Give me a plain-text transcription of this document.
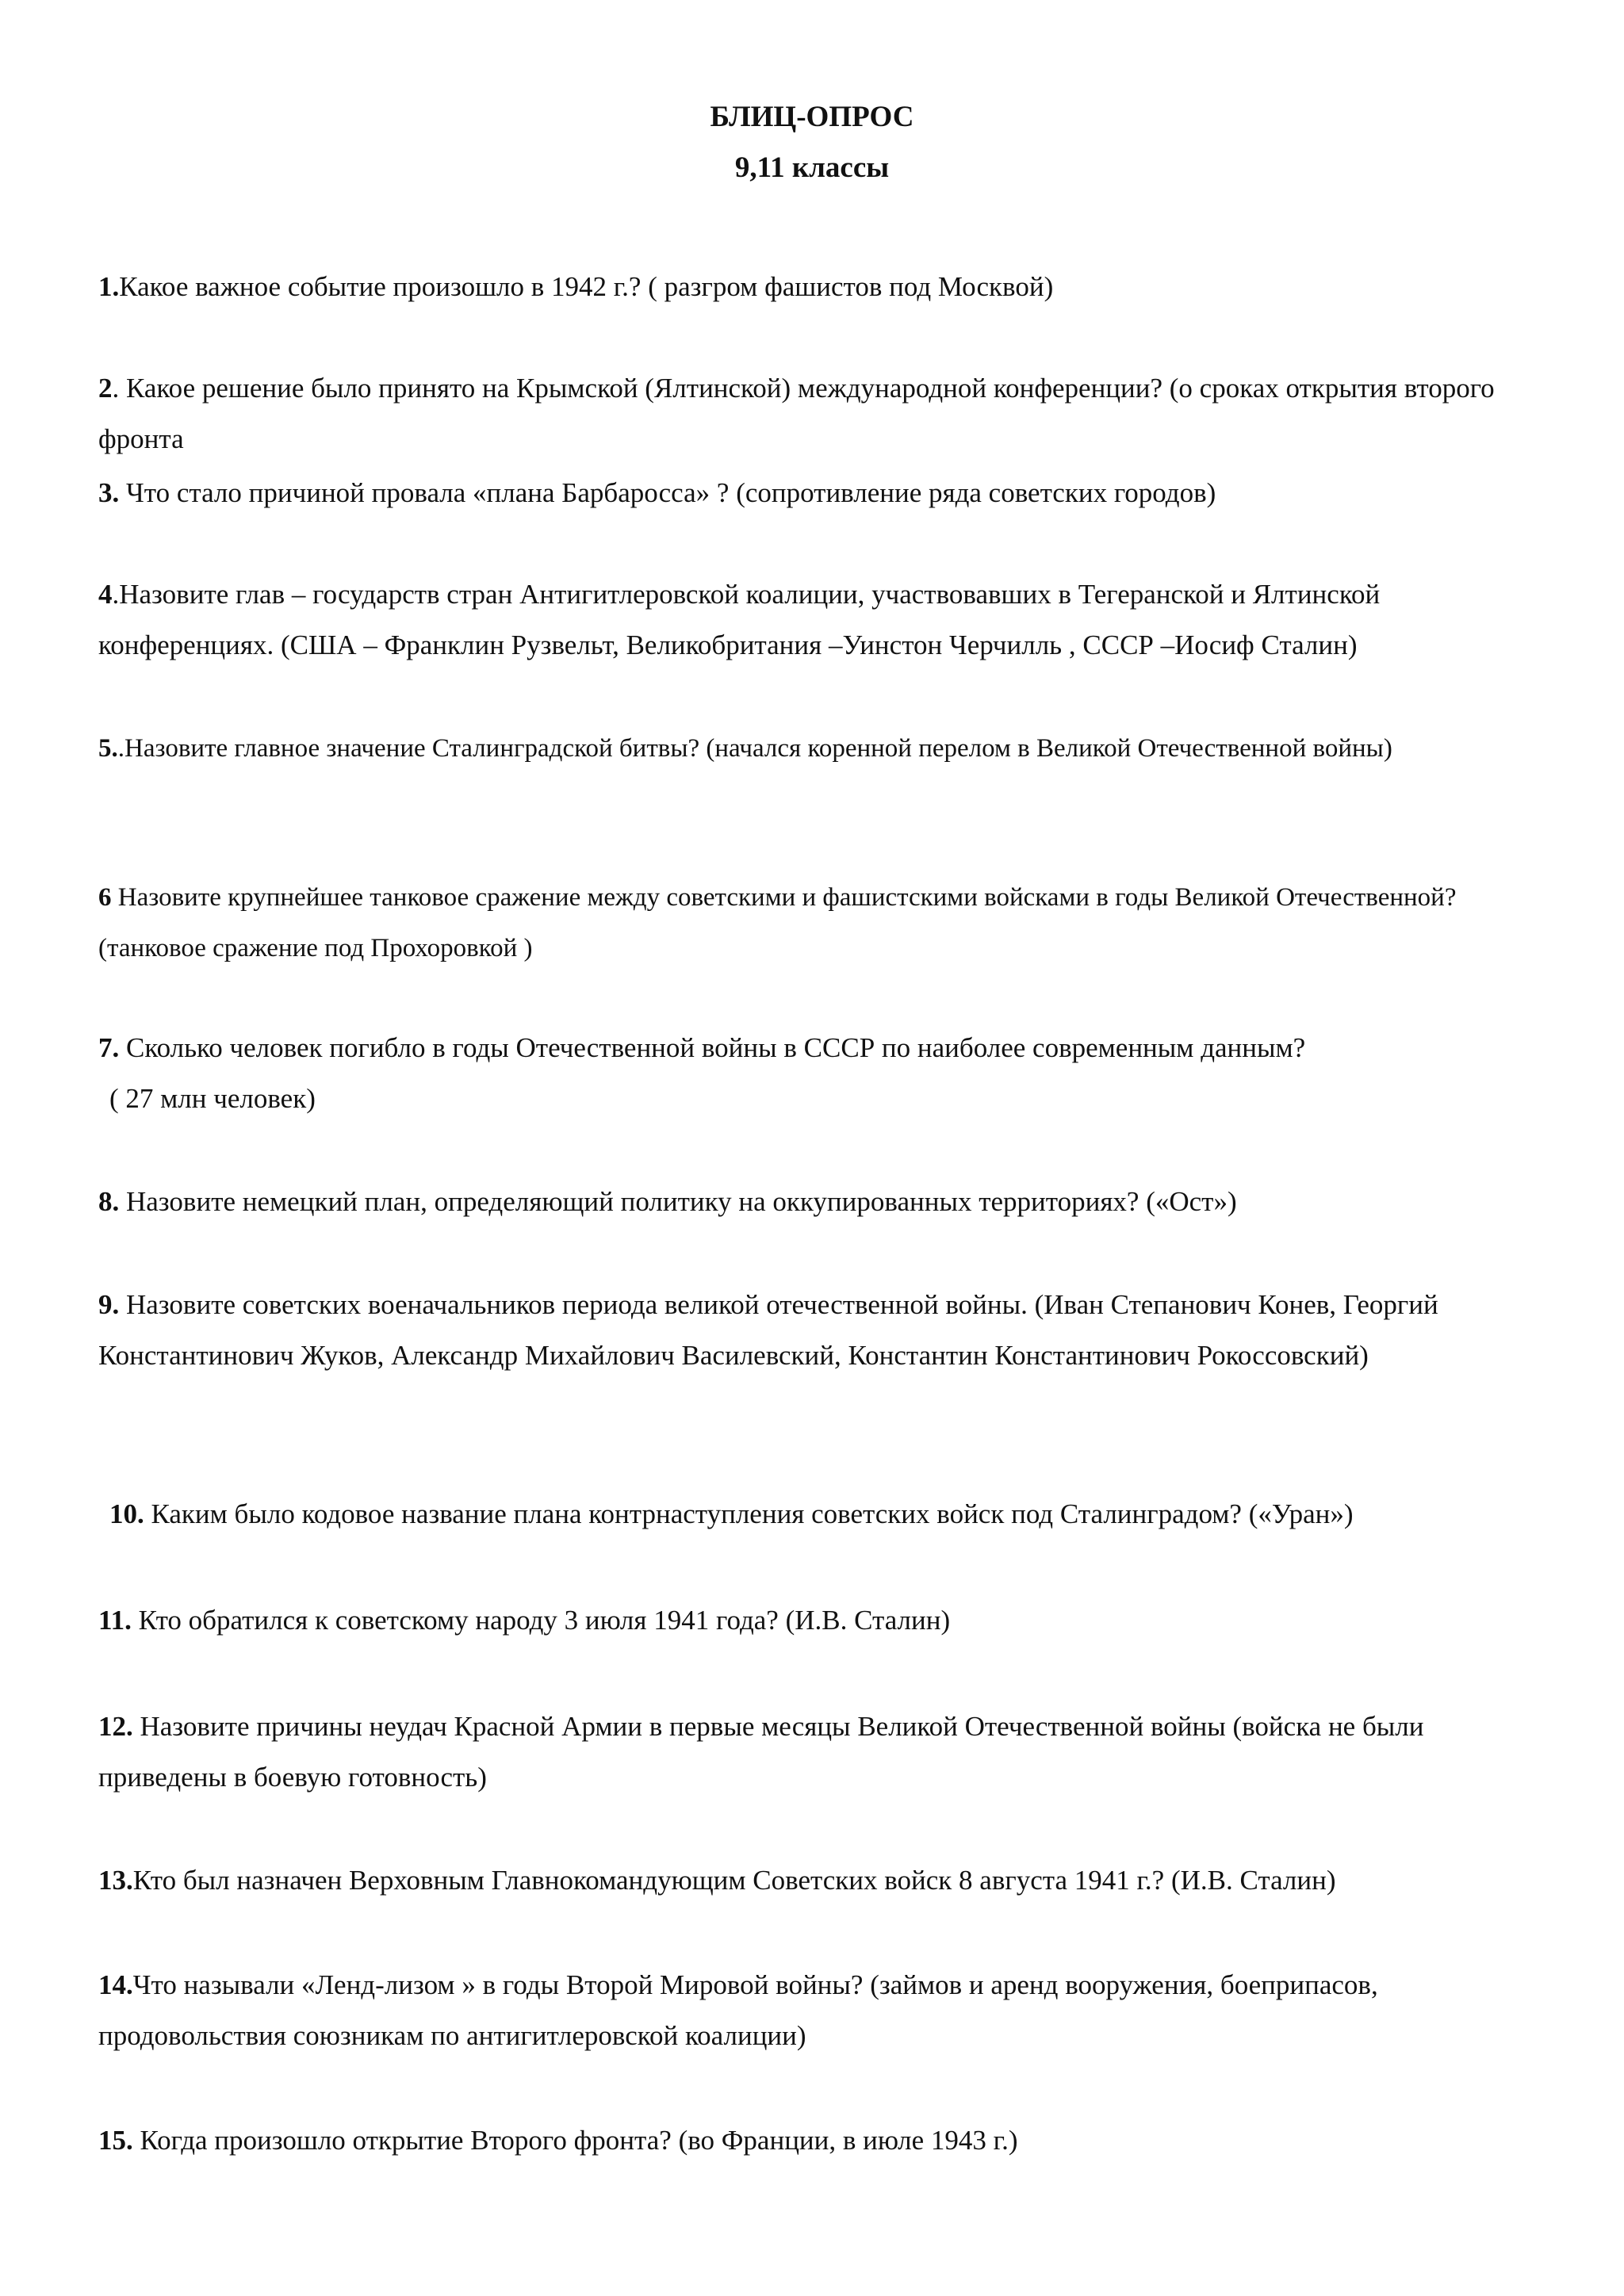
БЛИЦ-ОПРОС
9,11 классы

1.Какое важное событие произошло в 1942 г.? ( разгром фашистов под Москвой)

2. Какое решение было принято на Крымской (Ялтинской) международной конференции? (о сроках открытия второго фронта

3. Что стало причиной провала «плана Барбаросса» ? (сопротивление ряда советских городов)

4.Назовите глав – государств стран Антигитлеровской коалиции, участвовавших в Тегеранской и Ялтинской конференциях. (США – Франклин Рузвельт, Великобритания –Уинстон Черчилль , СССР –Иосиф Сталин)

5..Назовите главное значение Сталинградской битвы? (начался коренной перелом в Великой Отечественной войны)

6 Назовите крупнейшее танковое сражение между советскими и фашистскими войсками в годы Великой Отечественной? (танковое сражение под Прохоровкой )

7. Сколько человек погибло в годы Отечественной войны в СССР по наиболее современным данным?

( 27 млн человек)

8. Назовите немецкий план, определяющий политику на оккупированных территориях? («Ост»)

9. Назовите советских военачальников периода великой отечественной войны. (Иван Степанович Конев, Георгий Константинович Жуков, Александр Михайлович Василевский, Константин Константинович Рокоссовский)

10. Каким было кодовое название плана контрнаступления советских войск под Сталинградом? («Уран»)

11. Кто обратился к советскому народу 3 июля 1941 года? (И.В. Сталин)

12. Назовите причины неудач Красной Армии в первые месяцы Великой Отечественной войны (войска не были приведены в боевую готовность)

13.Кто был назначен Верховным Главнокомандующим Советских войск 8 августа 1941 г.? (И.В. Сталин)

14.Что называли «Ленд-лизом » в годы Второй Мировой войны? (займов и аренд вооружения, боеприпасов, продовольствия союзникам по антигитлеровской коалиции)

15. Когда произошло открытие Второго фронта? (во Франции, в июле 1943 г.)
